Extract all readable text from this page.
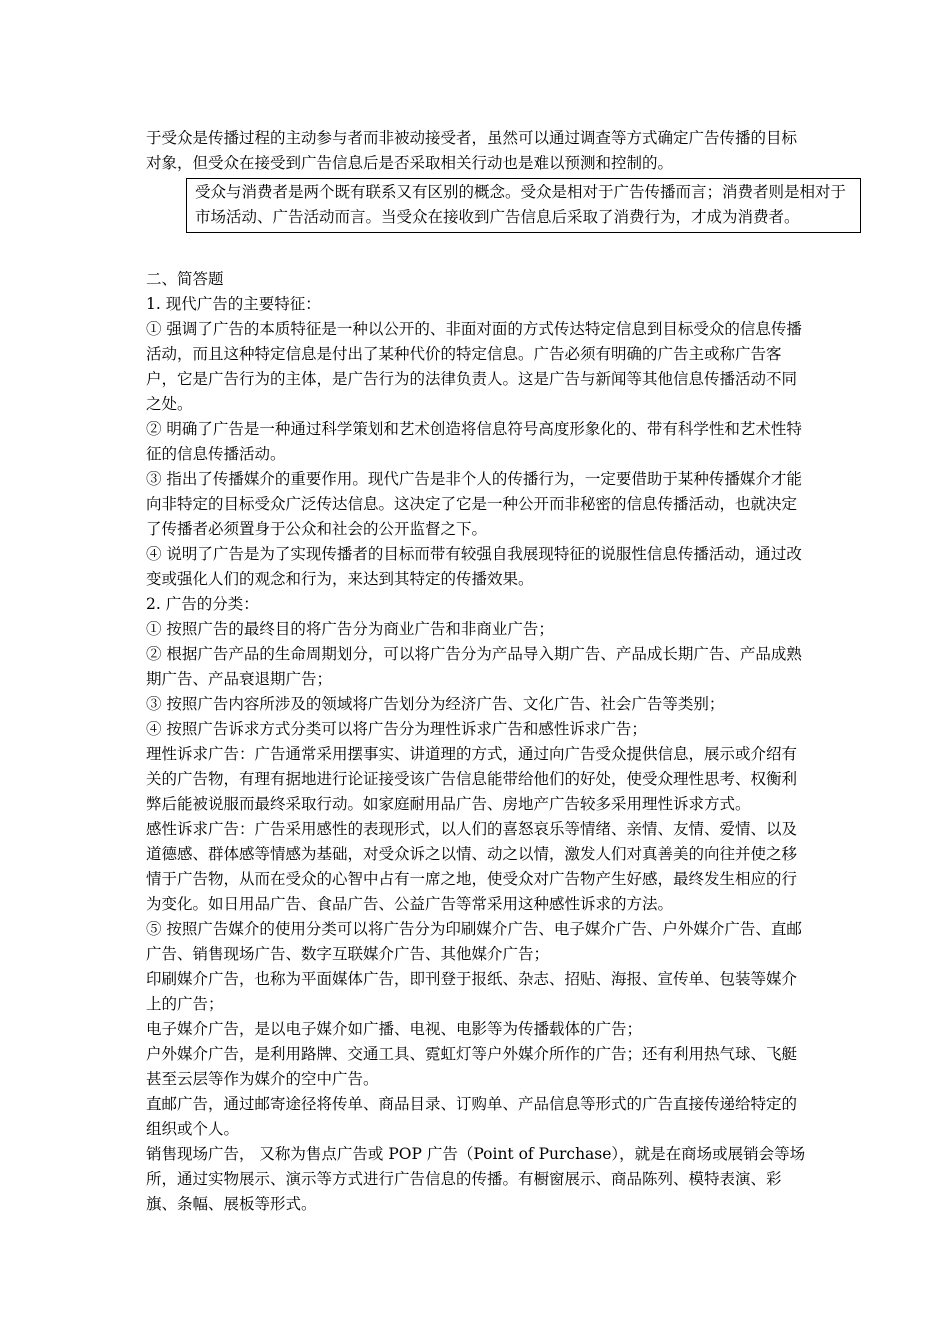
于受众是传播过程的主动参与者而非被动接受者，虽然可以通过调查等方式确定广告传播的目标对象，但受众在接受到广告信息后是否采取相关行动也是难以预测和控制的。

受众与消费者是两个既有联系又有区别的概念。受众是相对于广告传播而言；消费者则是相对于市场活动、广告活动而言。当受众在接收到广告信息后采取了消费行为，才成为消费者。

二、简答题

1. 现代广告的主要特征：

① 强调了广告的本质特征是一种以公开的、非面对面的方式传达特定信息到目标受众的信息传播活动，而且这种特定信息是付出了某种代价的特定信息。广告必须有明确的广告主或称广告客户，它是广告行为的主体，是广告行为的法律负责人。这是广告与新闻等其他信息传播活动不同之处。

② 明确了广告是一种通过科学策划和艺术创造将信息符号高度形象化的、带有科学性和艺术性特征的信息传播活动。

③ 指出了传播媒介的重要作用。现代广告是非个人的传播行为，一定要借助于某种传播媒介才能向非特定的目标受众广泛传达信息。这决定了它是一种公开而非秘密的信息传播活动，也就决定了传播者必须置身于公众和社会的公开监督之下。

④ 说明了广告是为了实现传播者的目标而带有较强自我展现特征的说服性信息传播活动，通过改变或强化人们的观念和行为，来达到其特定的传播效果。

2. 广告的分类：

① 按照广告的最终目的将广告分为商业广告和非商业广告；

② 根据广告产品的生命周期划分，可以将广告分为产品导入期广告、产品成长期广告、产品成熟期广告、产品衰退期广告；

③ 按照广告内容所涉及的领域将广告划分为经济广告、文化广告、社会广告等类别；

④ 按照广告诉求方式分类可以将广告分为理性诉求广告和感性诉求广告；

理性诉求广告：广告通常采用摆事实、讲道理的方式，通过向广告受众提供信息，展示或介绍有关的广告物，有理有据地进行论证接受该广告信息能带给他们的好处，使受众理性思考、权衡利弊后能被说服而最终采取行动。如家庭耐用品广告、房地产广告较多采用理性诉求方式。

感性诉求广告：广告采用感性的表现形式，以人们的喜怒哀乐等情绪、亲情、友情、爱情、以及道德感、群体感等情感为基础，对受众诉之以情、动之以情，激发人们对真善美的向往并使之移情于广告物，从而在受众的心智中占有一席之地，使受众对广告物产生好感，最终发生相应的行为变化。如日用品广告、食品广告、公益广告等常采用这种感性诉求的方法。

⑤ 按照广告媒介的使用分类可以将广告分为印刷媒介广告、电子媒介广告、户外媒介广告、直邮广告、销售现场广告、数字互联媒介广告、其他媒介广告；

印刷媒介广告，也称为平面媒体广告，即刊登于报纸、杂志、招贴、海报、宣传单、包装等媒介上的广告；

电子媒介广告，是以电子媒介如广播、电视、电影等为传播载体的广告；

户外媒介广告，是利用路牌、交通工具、霓虹灯等户外媒介所作的广告；还有利用热气球、飞艇甚至云层等作为媒介的空中广告。

直邮广告，通过邮寄途径将传单、商品目录、订购单、产品信息等形式的广告直接传递给特定的组织或个人。

销售现场广告， 又称为售点广告或 POP 广告（Point of Purchase），就是在商场或展销会等场所，通过实物展示、演示等方式进行广告信息的传播。有橱窗展示、商品陈列、模特表演、彩旗、条幅、展板等形式。
